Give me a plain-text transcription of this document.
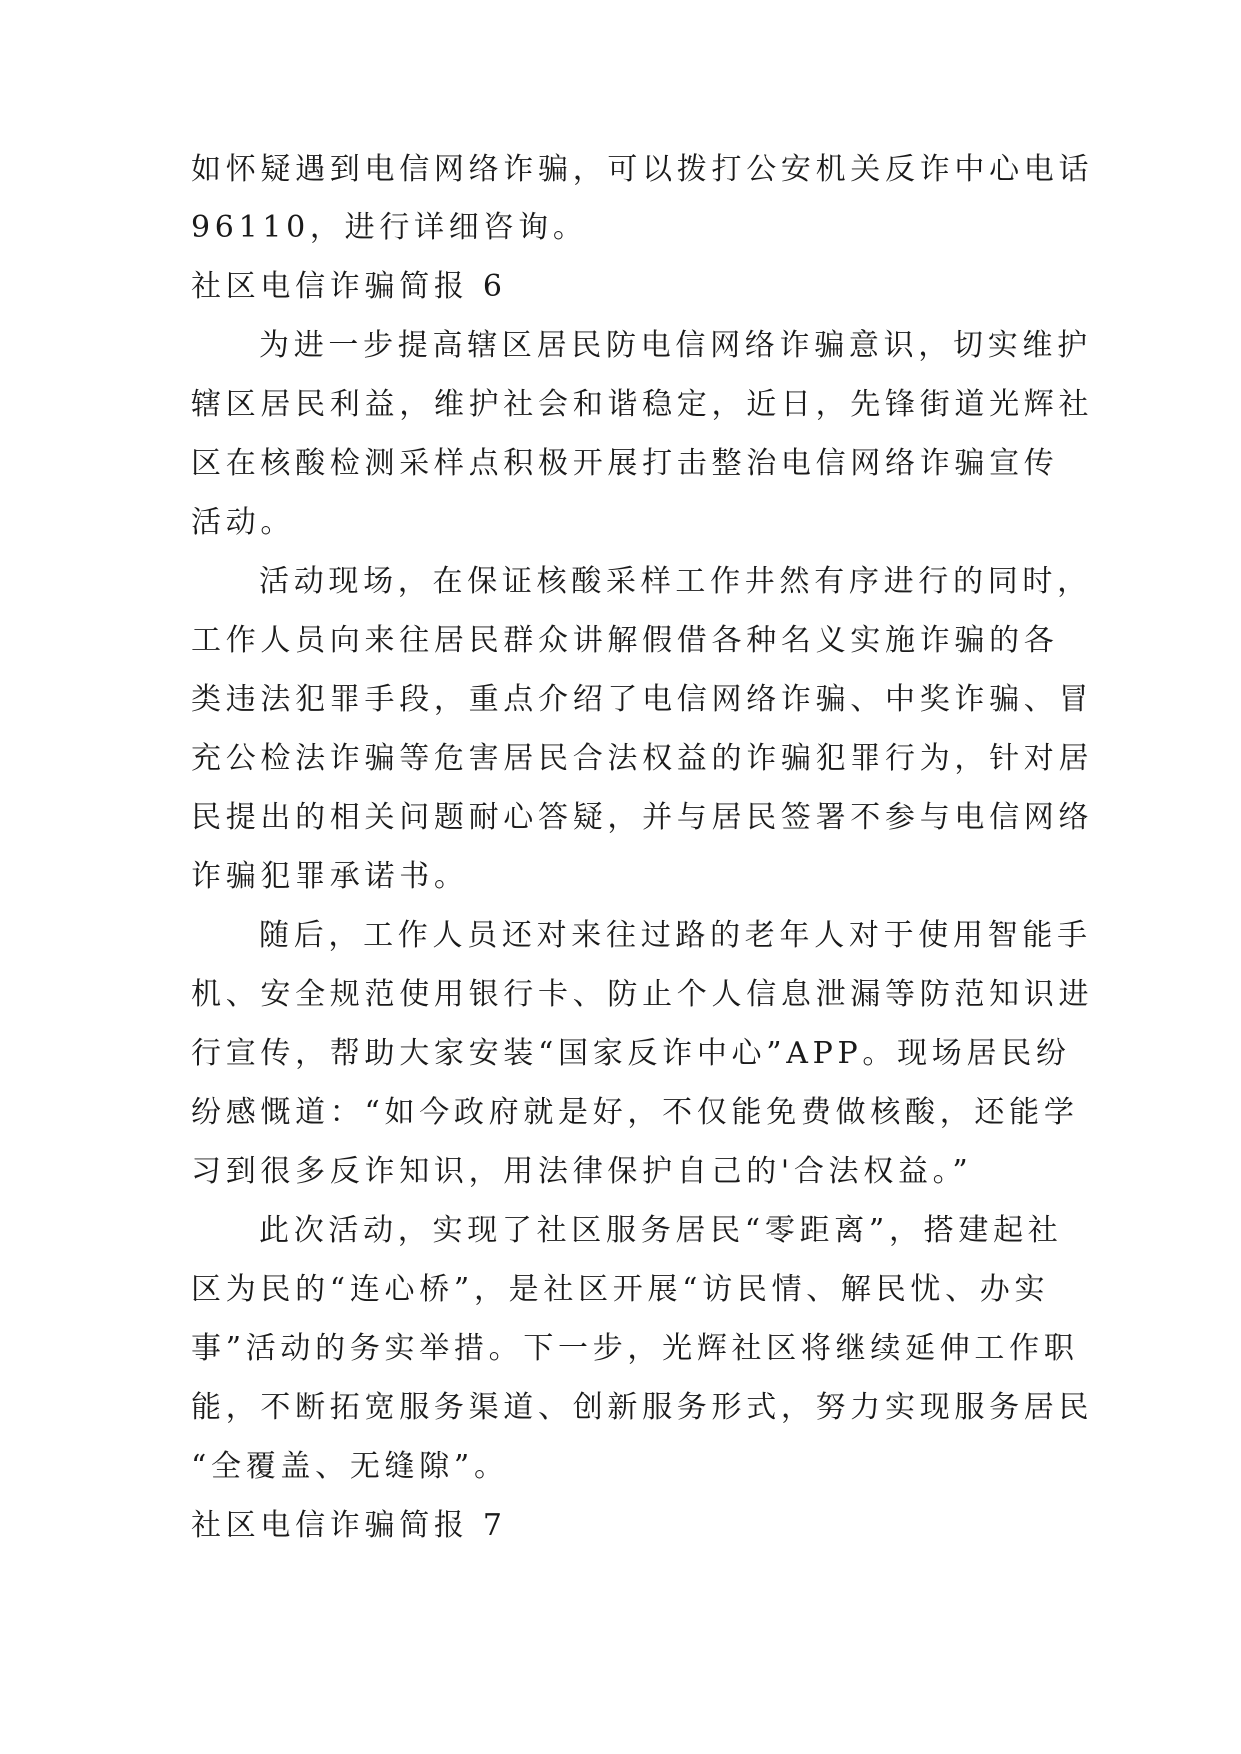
如怀疑遇到电信网络诈骗，可以拨打公安机关反诈中心电话
96110，进行详细咨询。
社区电信诈骗简报 6
为进一步提高辖区居民防电信网络诈骗意识，切实维护
辖区居民利益，维护社会和谐稳定，近日，先锋街道光辉社
区在核酸检测采样点积极开展打击整治电信网络诈骗宣传
活动。
活动现场，在保证核酸采样工作井然有序进行的同时，
工作人员向来往居民群众讲解假借各种名义实施诈骗的各
类违法犯罪手段，重点介绍了电信网络诈骗、中奖诈骗、冒
充公检法诈骗等危害居民合法权益的诈骗犯罪行为，针对居
民提出的相关问题耐心答疑，并与居民签署不参与电信网络
诈骗犯罪承诺书。
随后，工作人员还对来往过路的老年人对于使用智能手
机、安全规范使用银行卡、防止个人信息泄漏等防范知识进
行宣传，帮助大家安装“国家反诈中心”APP。现场居民纷
纷感慨道：“如今政府就是好，不仅能免费做核酸，还能学
习到很多反诈知识，用法律保护自己的'合法权益。”
此次活动，实现了社区服务居民“零距离”，搭建起社
区为民的“连心桥”，是社区开展“访民情、解民忧、办实
事”活动的务实举措。下一步，光辉社区将继续延伸工作职
能，不断拓宽服务渠道、创新服务形式，努力实现服务居民
“全覆盖、无缝隙”。
社区电信诈骗简报 7
